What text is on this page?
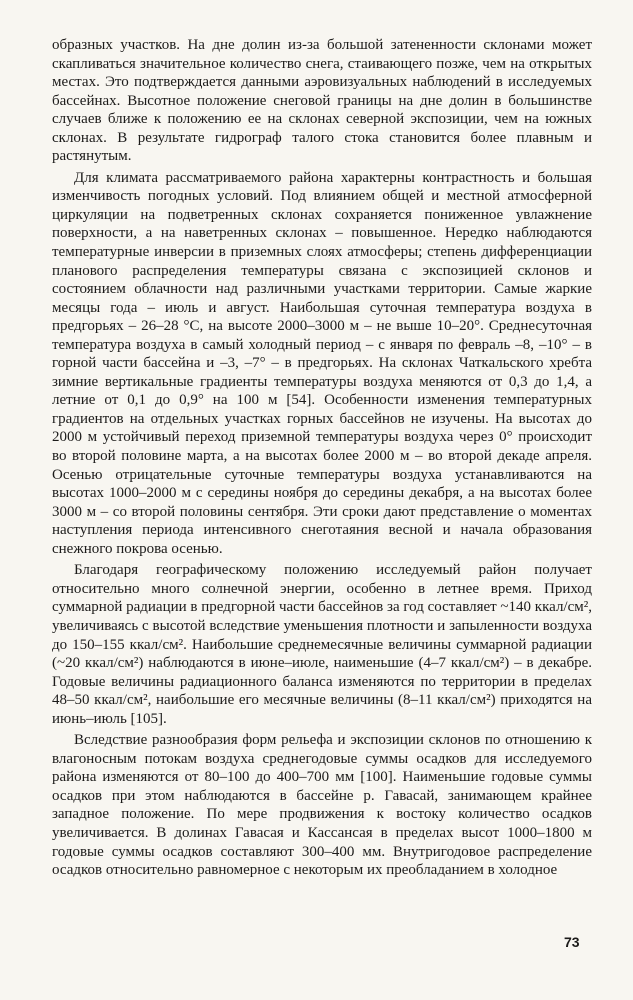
образных участков. На дне долин из-за большой затененности склонами может скапливаться значительное количество снега, стаивающего позже, чем на открытых местах. Это подтверждается данными аэровизуальных наблюдений в исследуемых бассейнах. Высотное положение снеговой границы на дне долин в большинстве случаев ближе к положению ее на склонах северной экспозиции, чем на южных склонах. В результате гидрограф талого стока становится более плавным и растянутым.

Для климата рассматриваемого района характерны контрастность и большая изменчивость погодных условий. Под влиянием общей и местной атмосферной циркуляции на подветренных склонах сохраняется пониженное увлажнение поверхности, а на наветренных склонах – повышенное. Нередко наблюдаются температурные инверсии в приземных слоях атмосферы; степень дифференциации планового распределения температуры связана с экспозицией склонов и состоянием облачности над различными участками территории. Самые жаркие месяцы года – июль и август. Наибольшая суточная температура воздуха в предгорьях – 26–28 °С, на высоте 2000–3000 м – не выше 10–20°. Среднесуточная температура воздуха в самый холодный период – с января по февраль –8, –10° – в горной части бассейна и –3, –7° – в предгорьях. На склонах Чаткальского хребта зимние вертикальные градиенты температуры воздуха меняются от 0,3 до 1,4, а летние от 0,1 до 0,9° на 100 м [54]. Особенности изменения температурных градиентов на отдельных участках горных бассейнов не изучены. На высотах до 2000 м устойчивый переход приземной температуры воздуха через 0° происходит во второй половине марта, а на высотах более 2000 м – во второй декаде апреля. Осенью отрицательные суточные температуры воздуха устанавливаются на высотах 1000–2000 м с середины ноября до середины декабря, а на высотах более 3000 м – со второй половины сентября. Эти сроки дают представление о моментах наступления периода интенсивного снеготаяния весной и начала образования снежного покрова осенью.

Благодаря географическому положению исследуемый район получает относительно много солнечной энергии, особенно в летнее время. Приход суммарной радиации в предгорной части бассейнов за год составляет ~140 ккал/см², увеличиваясь с высотой вследствие уменьшения плотности и запыленности воздуха до 150–155 ккал/см². Наибольшие среднемесячные величины суммарной радиации (~20 ккал/см²) наблюдаются в июне–июле, наименьшие (4–7 ккал/см²) – в декабре. Годовые величины радиационного баланса изменяются по территории в пределах 48–50 ккал/см², наибольшие его месячные величины (8–11 ккал/см²) приходятся на июнь–июль [105].

Вследствие разнообразия форм рельефа и экспозиции склонов по отношению к влагоносным потокам воздуха среднегодовые суммы осадков для исследуемого района изменяются от 80–100 до 400–700 мм [100]. Наименьшие годовые суммы осадков при этом наблюдаются в бассейне р. Гавасай, занимающем крайнее западное положение. По мере продвижения к востоку количество осадков увеличивается. В долинах Гавасая и Кассансая в пределах высот 1000–1800 м годовые суммы осадков составляют 300–400 мм. Внутригодовое распределение осадков относительно равномерное с некоторым их преобладанием в холодное

73
